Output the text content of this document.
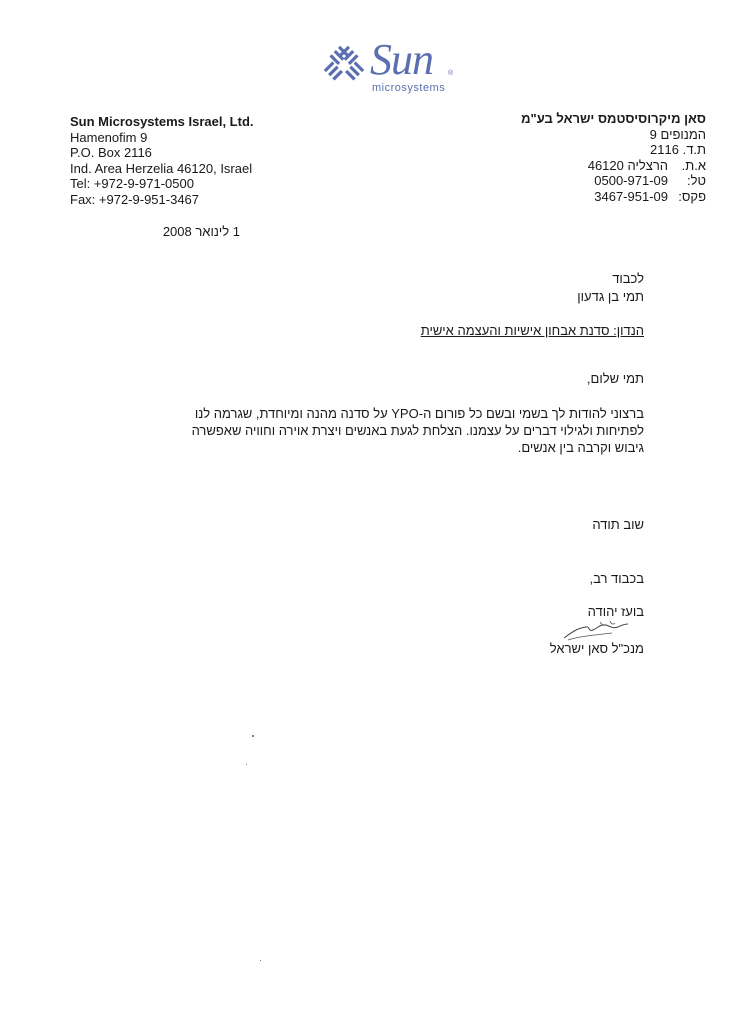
Sun ®
microsystems
Sun Microsystems Israel, Ltd.
Hamenofim 9
P.O. Box 2116
Ind. Area Herzelia 46120, Israel
Tel: +972-9-971-0500
Fax: +972-9-951-3467
סאן מיקרוסיסטמס ישראל בע"מ
המנופים 9
ת.ד. 2116
א.ת.
הרצליה 46120
טל:
0500-971-09
פקס:
3467-951-09
1 לינואר 2008
לכבוד
תמי בן גדעון
הנדון: סדנת אבחון אישיות והעצמה אישית
תמי שלום,
ברצוני להודות לך בשמי ובשם כל פורום ה-YPO על סדנה מהנה ומיוחדת, שגרמה לנו לפתיחות ולגילוי דברים על עצמנו. הצלחת לגעת באנשים ויצרת אוירה וחוויה שאפשרה גיבוש וקרבה בין אנשים.
שוב תודה
בכבוד רב,
בועז יהודה
מנכ"ל סאן ישראל
